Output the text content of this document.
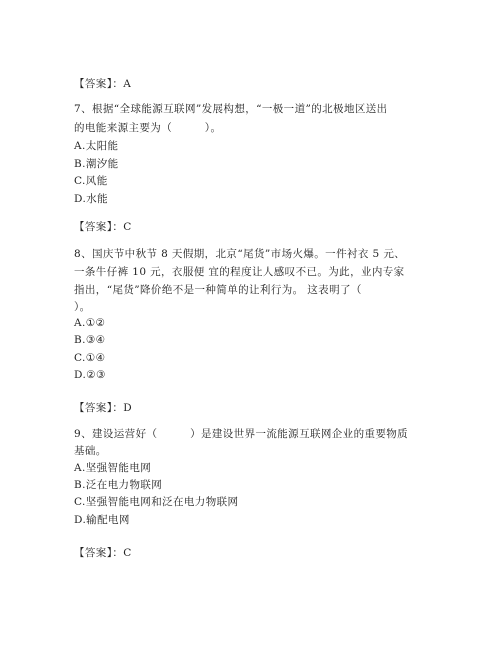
【答案】：A
7、根据“全球能源互联网”发展构想，“一极一道”的北极地区送出
的电能来源主要为（　　　）。
A.太阳能
B.潮汐能
C.风能
D.水能
【答案】：C
8、国庆节中秋节 8 天假期，北京“尾货”市场火爆。一件衬衣 5 元、
一条牛仔裤 10 元，衣服便 宜的程度让人感叹不已。为此，业内专家
指出，“尾货”降价绝不是一种简单的让利行为。 这表明了（
）。
A.①②
B.③④
C.①④
D.②③
【答案】：D
9、建设运营好（　　　）是建设世界一流能源互联网企业的重要物质
基础。
A.坚强智能电网
B.泛在电力物联网
C.坚强智能电网和泛在电力物联网
D.输配电网
【答案】：C
